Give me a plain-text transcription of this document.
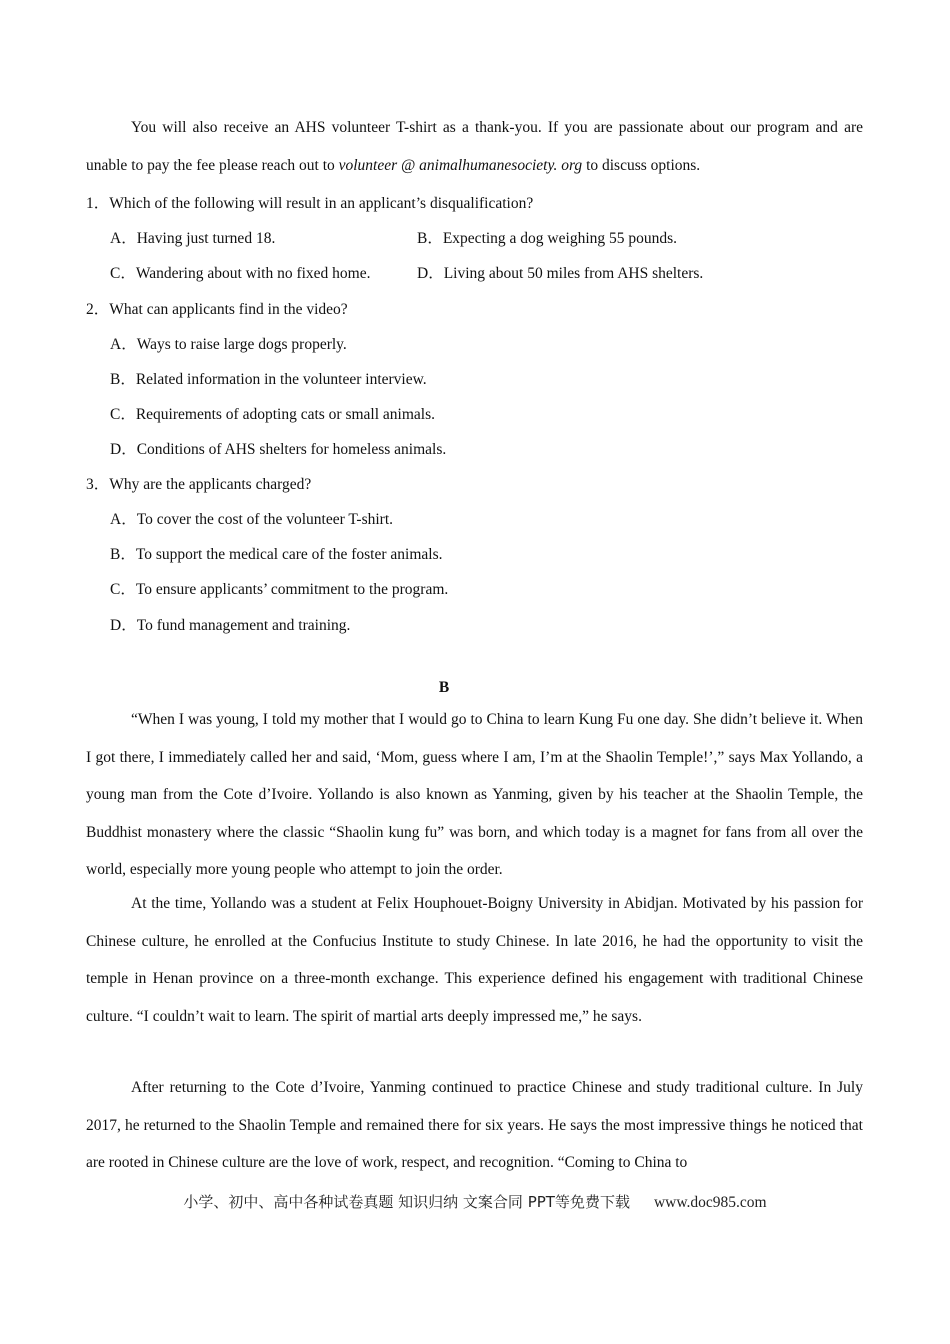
You will also receive an AHS volunteer T-shirt as a thank-you. If you are passionate about our program and are unable to pay the fee please reach out to volunteer @ animalhumanesociety. org to discuss options.

1．Which of the following will result in an applicant’s disqualification?

A．Having just turned 18.	B．Expecting a dog weighing 55 pounds.

C．Wandering about with no fixed home.	D．Living about 50 miles from AHS shelters.

2．What can applicants find in the video?

A．Ways to raise large dogs properly.

B．Related information in the volunteer interview.

C．Requirements of adopting cats or small animals.

D．Conditions of AHS shelters for homeless animals.

3．Why are the applicants charged?

A．To cover the cost of the volunteer T-shirt.

B．To support the medical care of the foster animals.

C．To ensure applicants’ commitment to the program.

D．To fund management and training.

B

“When I was young, I told my mother that I would go to China to learn Kung Fu one day. She didn’t believe it. When I got there, I immediately called her and said, ‘Mom, guess where I am, I’m at the Shaolin Temple!’,” says Max Yollando, a young man from the Cote d’Ivoire. Yollando is also known as Yanming, given by his teacher at the Shaolin Temple, the Buddhist monastery where the classic “Shaolin kung fu” was born, and which today is a magnet for fans from all over the world, especially more young people who attempt to join the order.

At the time, Yollando was a student at Felix Houphouet-Boigny University in Abidjan. Motivated by his passion for Chinese culture, he enrolled at the Confucius Institute to study Chinese. In late 2016, he had the opportunity to visit the temple in Henan province on a three-month exchange. This experience defined his engagement with traditional Chinese culture. “I couldn’t wait to learn. The spirit of martial arts deeply impressed me,” he says.

After returning to the Cote d’Ivoire, Yanming continued to practice Chinese and study traditional culture. In July 2017, he returned to the Shaolin Temple and remained there for six years. He says the most impressive things he noticed that are rooted in Chinese culture are the love of work, respect, and recognition. “Coming to China to

小学、初中、高中各种试卷真题 知识归纳 文案合同 PPT等免费下载 www.doc985.com
